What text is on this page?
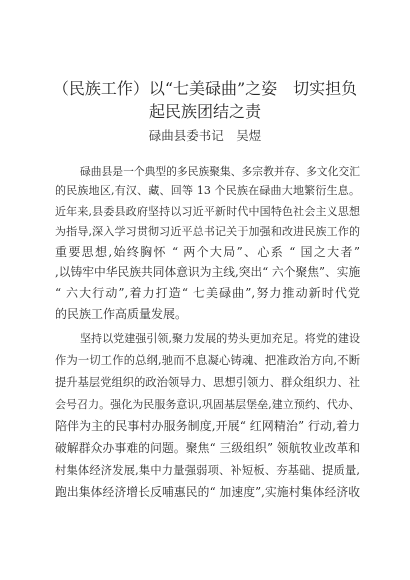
（民族工作）以“七美碌曲”之姿　切实担负
起民族团结之责
碌曲县委书记　吴煜
碌曲县是一个典型的多民族聚集、多宗教并存、多文化交汇
的民族地区,有汉、藏、回等 13 个民族在碌曲大地繁衍生息。
近年来,县委县政府坚持以习近平新时代中国特色社会主义思想
为指导,深入学习贯彻习近平总书记关于加强和改进民族工作的
重要思想,始终胸怀 “ 两个大局”、心系 “ 国之大者”
,以铸牢中华民族共同体意识为主线,突出“ 六个聚焦”、实施
“ 六大行动”,着力打造“ 七美碌曲”,努力推动新时代党
的民族工作高质量发展。
坚持以党建强引领,聚力发展的势头更加充足。将党的建设
作为一切工作的总纲,驰而不息凝心铸魂、把准政治方向,不断
提升基层党组织的政治领导力、思想引领力、群众组织力、社
会号召力。强化为民服务意识,巩固基层堡垒,建立预约、代办、
陪伴为主的民事村办服务制度,开展“ 红网精治” 行动,着力
破解群众办事难的问题。聚焦“ 三级组织” 领航牧业改革和
村集体经济发展,集中力量强弱项、补短板、夯基础、提质量,
跑出集体经济增长反哺惠民的“ 加速度”,实施村集体经济收
